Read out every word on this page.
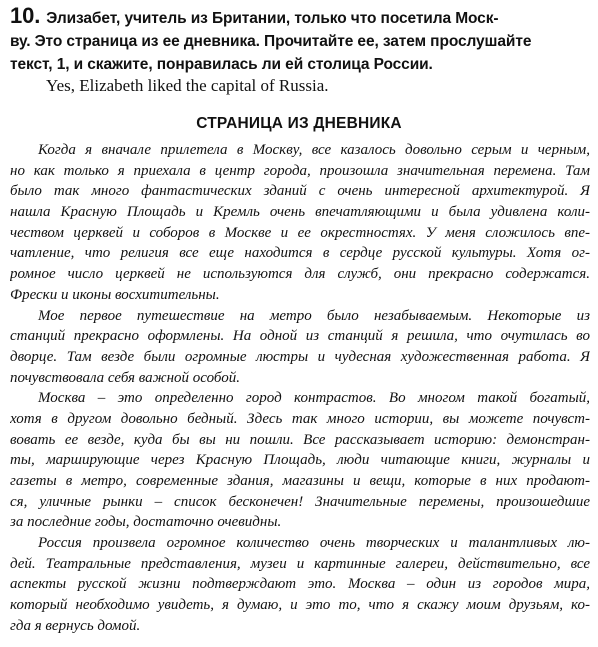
10. Элизабет, учитель из Британии, только что посетила Моск-
ву. Это страница из ее дневника. Прочитайте ее, затем прослушайте
текст, 1, и скажите, понравилась ли ей столица России.
Yes, Elizabeth liked the capital of Russia.
СТРАНИЦА ИЗ ДНЕВНИКА
Когда я вначале прилетела в Москву, все казалось довольно серым и черным,
но как только я приехала в центр города, произошла значительная перемена. Там
было так много фантастических зданий с очень интересной архитектурой. Я
нашла Красную Площадь и Кремль очень впечатляющими и была удивлена коли-
чеством церквей и соборов в Москве и ее окрестностях. У меня сложилось впе-
чатление, что религия все еще находится в сердце русской культуры. Хотя ог-
ромное число церквей не используются для служб, они прекрасно содержатся.
Фрески и иконы восхитительны.
Мое первое путешествие на метро было незабываемым. Некоторые из
станций прекрасно оформлены. На одной из станций я решила, что очутилась во
дворце. Там везде были огромные люстры и чудесная художественная работа. Я
почувствовала себя важной особой.
Москва – это определенно город контрастов. Во многом такой богатый,
хотя в другом довольно бедный. Здесь так много истории, вы можете почувст-
вовать ее везде, куда бы вы ни пошли. Все рассказывает историю: демонстран-
ты, марширующие через Красную Площадь, люди читающие книги, журналы и
газеты в метро, современные здания, магазины и вещи, которые в них продают-
ся, уличные рынки – список бесконечен! Значительные перемены, произошедшие
за последние годы, достаточно очевидны.
Россия произвела огромное количество очень творческих и талантливых лю-
дей. Театральные представления, музеи и картинные галереи, действительно, все
аспекты русской жизни подтверждают это. Москва – один из городов мира,
который необходимо увидеть, я думаю, и это то, что я скажу моим друзьям, ко-
гда я вернусь домой.
